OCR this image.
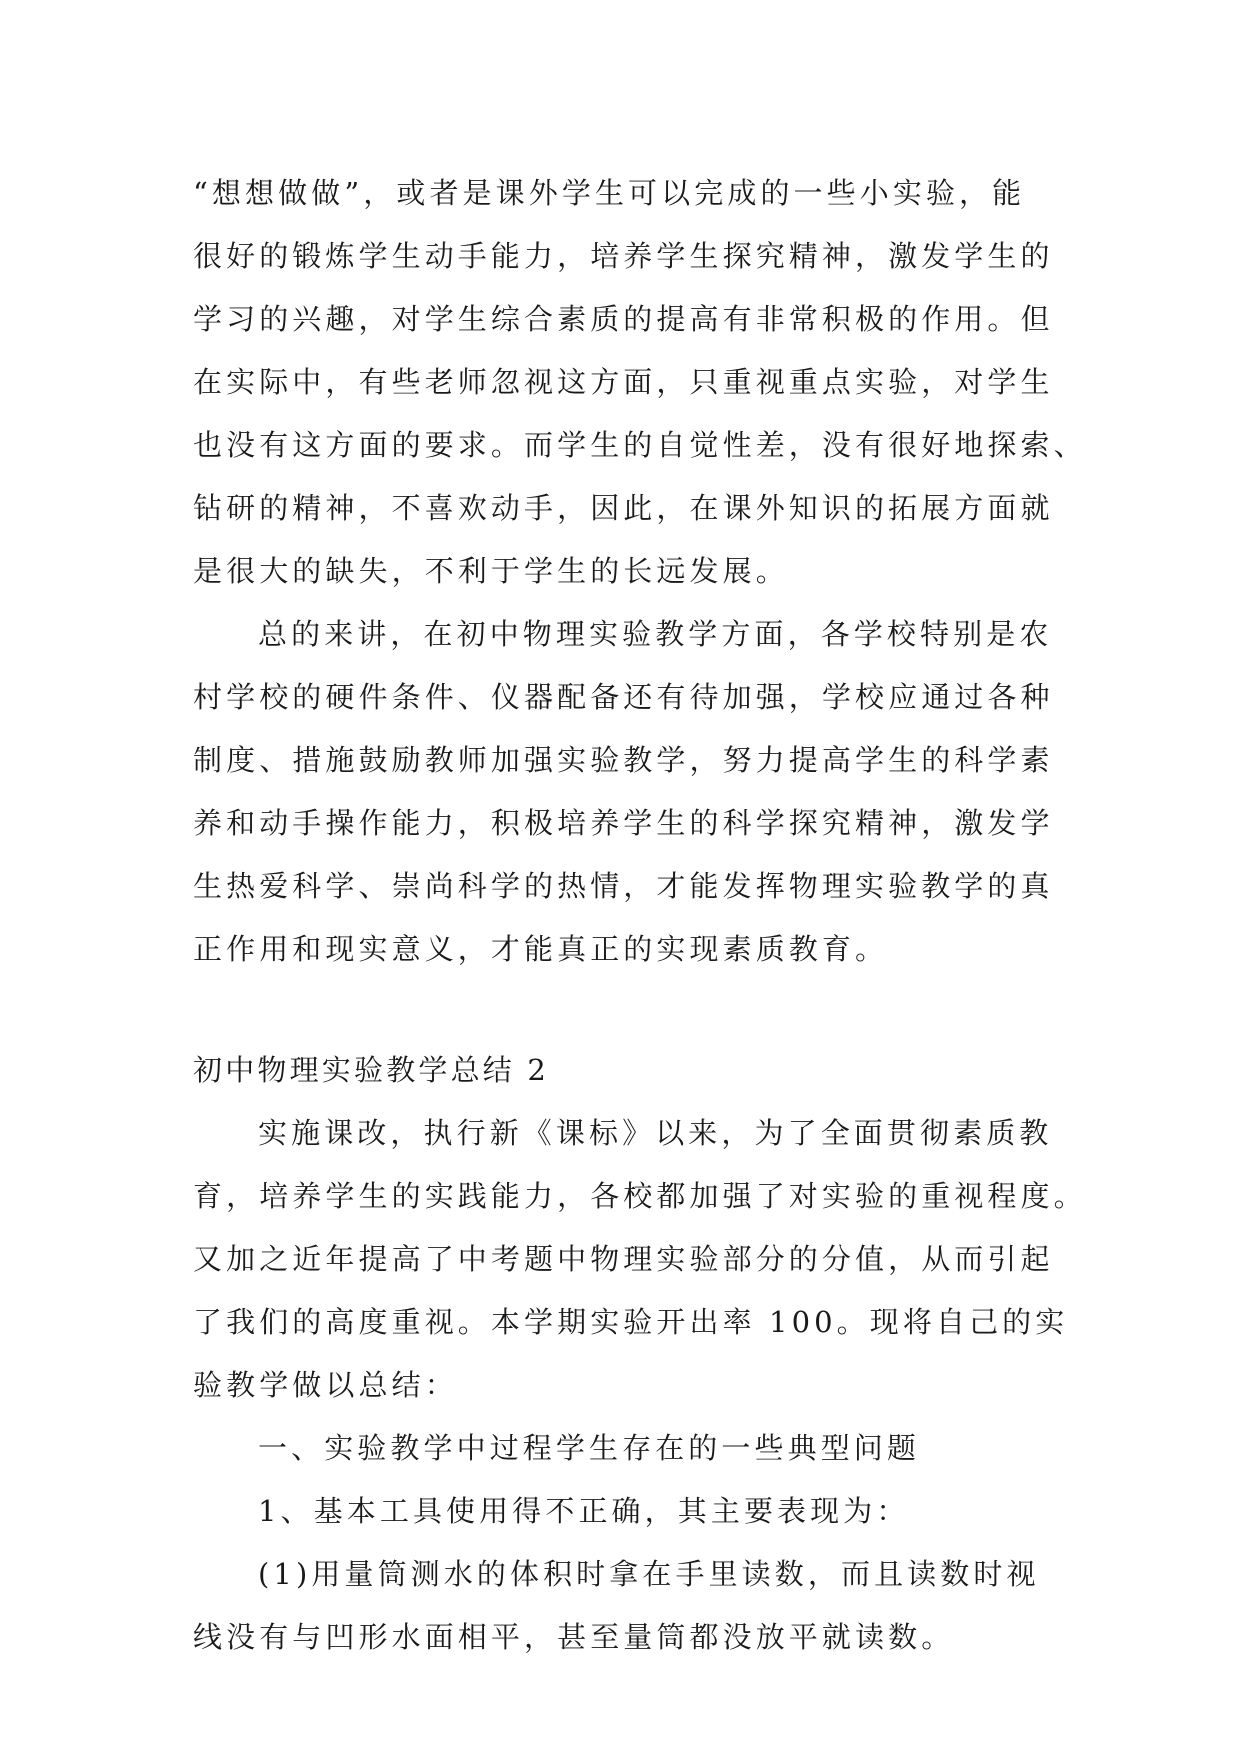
“想想做做”，或者是课外学生可以完成的一些小实验，能
很好的锻炼学生动手能力，培养学生探究精神，激发学生的
学习的兴趣，对学生综合素质的提高有非常积极的作用。但
在实际中，有些老师忽视这方面，只重视重点实验，对学生
也没有这方面的要求。而学生的自觉性差，没有很好地探索、
钻研的精神，不喜欢动手，因此，在课外知识的拓展方面就
是很大的缺失，不利于学生的长远发展。
总的来讲，在初中物理实验教学方面，各学校特别是农
村学校的硬件条件、仪器配备还有待加强，学校应通过各种
制度、措施鼓励教师加强实验教学，努力提高学生的科学素
养和动手操作能力，积极培养学生的科学探究精神，激发学
生热爱科学、崇尚科学的热情，才能发挥物理实验教学的真
正作用和现实意义，才能真正的实现素质教育。
初中物理实验教学总结 2
实施课改，执行新《课标》以来，为了全面贯彻素质教
育，培养学生的实践能力，各校都加强了对实验的重视程度。
又加之近年提高了中考题中物理实验部分的分值，从而引起
了我们的高度重视。本学期实验开出率 100。现将自己的实
验教学做以总结：
一、实验教学中过程学生存在的一些典型问题
1、基本工具使用得不正确，其主要表现为：
(1)用量筒测水的体积时拿在手里读数，而且读数时视
线没有与凹形水面相平，甚至量筒都没放平就读数。
